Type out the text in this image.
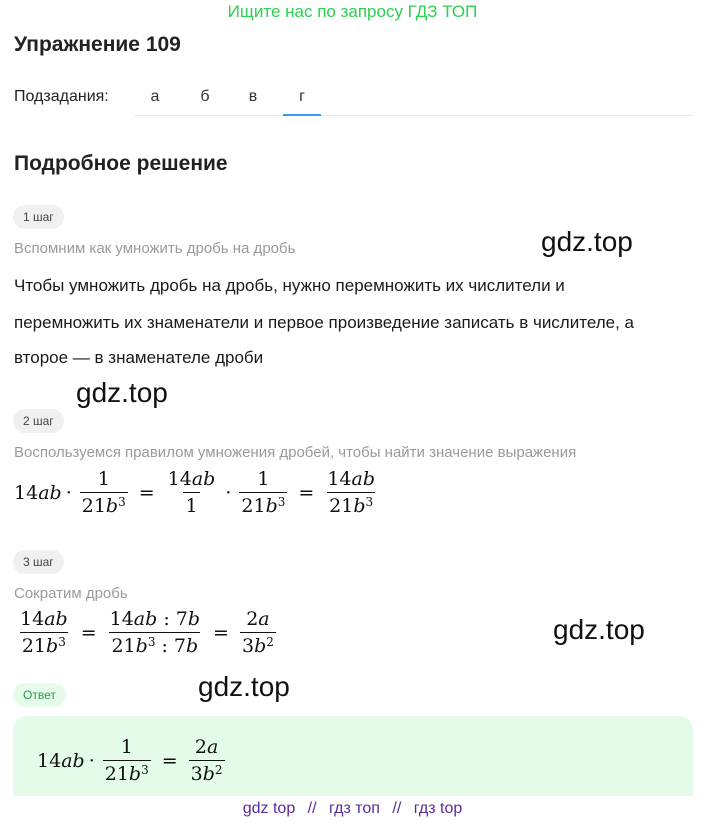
Ищите нас по запросу ГДЗ ТОП
Упражнение 109
Подзадания:	а	б	в	г
Подробное решение
1 шаг
Вспомним как умножить дробь на дробь
Чтобы умножить дробь на дробь, нужно перемножить их числители и
перемножить их знаменатели и первое произведение записать в числителе, а
второе — в знаменателе дроби
gdz.top
gdz.top
2 шаг
Воспользуемся правилом умножения дробей, чтобы найти значение выражения
$14ab \cdot \frac{1}{21b^3} = \frac{14ab}{1} \cdot \frac{1}{21b^3} = \frac{14ab}{21b^3}$
3 шаг
Сократим дробь
$\frac{14ab}{21b^3} = \frac{14ab : 7b}{21b^3 : 7b} = \frac{2a}{3b^2}$	gdz.top
gdz.top
Ответ
$14ab \cdot \frac{1}{21b^3} = \frac{2a}{3b^2}$
gdz top // гдз топ // гдз top
